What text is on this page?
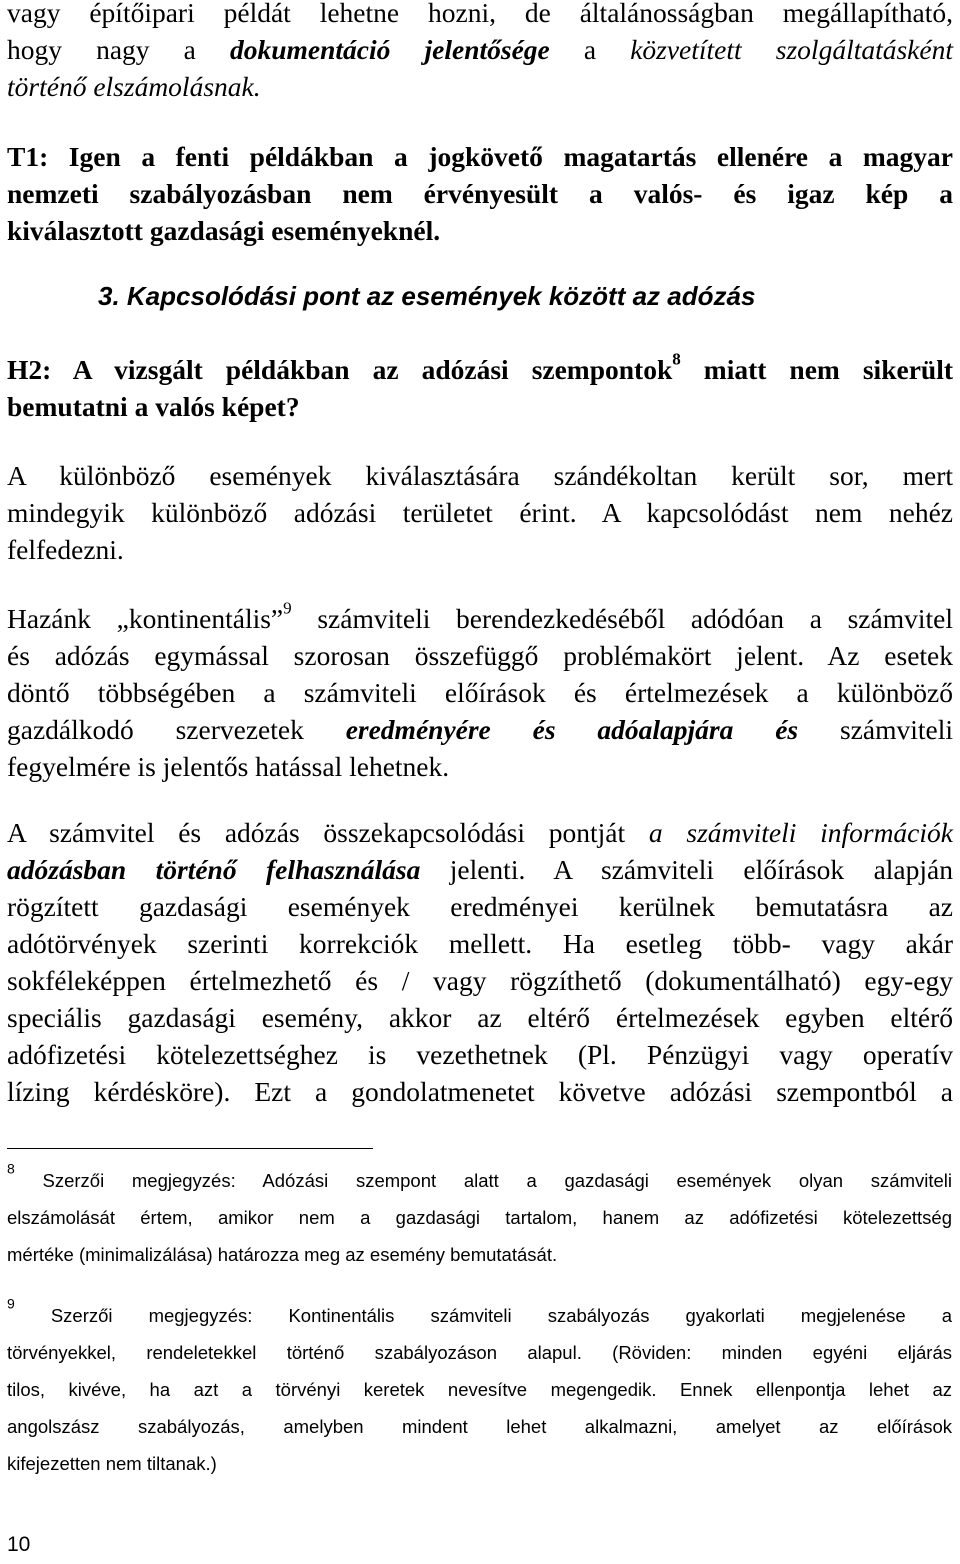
vagy építőipari példát lehetne hozni, de általánosságban megállapítható,
hogy nagy a dokumentáció jelentősége a közvetített szolgáltatásként
történő elszámolásnak.
T1: Igen a fenti példákban a jogkövető magatartás ellenére a magyar
nemzeti szabályozásban nem érvényesült a valós- és igaz kép a
kiválasztott gazdasági eseményeknél.
3. Kapcsolódási pont az események között az adózás
H2: A vizsgált példákban az adózási szempontok$^8$ miatt nem sikerült
bemutatni a valós képet?
A különböző események kiválasztására szándékoltan került sor, mert
mindegyik különböző adózási területet érint. A kapcsolódást nem nehéz
felfedezni.
Hazánk „kontinentális”$^9$ számviteli berendezkedéséből adódóan a számvitel
és adózás egymással szorosan összefüggő problémakört jelent. Az esetek
döntő többségében a számviteli előírások és értelmezések a különböző
gazdálkodó szervezetek eredményére és adóalapjára és számviteli
fegyelmére is jelentős hatással lehetnek.
A számvitel és adózás összekapcsolódási pontját a számviteli információk
adózásban történő felhasználása jelenti. A számviteli előírások alapján
rögzített gazdasági események eredményei kerülnek bemutatásra az
adótörvények szerinti korrekciók mellett. Ha esetleg több- vagy akár
sokféleképpen értelmezhető és / vagy rögzíthető (dokumentálható) egy-egy
speciális gazdasági esemény, akkor az eltérő értelmezések egyben eltérő
adófizetési kötelezettséghez is vezethetnek (Pl. Pénzügyi vagy operatív
lízing kérdésköre). Ezt a gondolatmenetet követve adózási szempontból a
$^8$ Szerzői megjegyzés: Adózási szempont alatt a gazdasági események olyan számviteli
elszámolását értem, amikor nem a gazdasági tartalom, hanem az adófizetési kötelezettség
mértéke (minimalizálása) határozza meg az esemény bemutatását.
$^9$ Szerzői megjegyzés: Kontinentális számviteli szabályozás gyakorlati megjelenése a
törvényekkel, rendeletekkel történő szabályozáson alapul. (Röviden: minden egyéni eljárás
tilos, kivéve, ha azt a törvényi keretek nevesítve megengedik. Ennek ellenpontja lehet az
angolszász szabályozás, amelyben mindent lehet alkalmazni, amelyet az előírások
kifejezetten nem tiltanak.)
10
